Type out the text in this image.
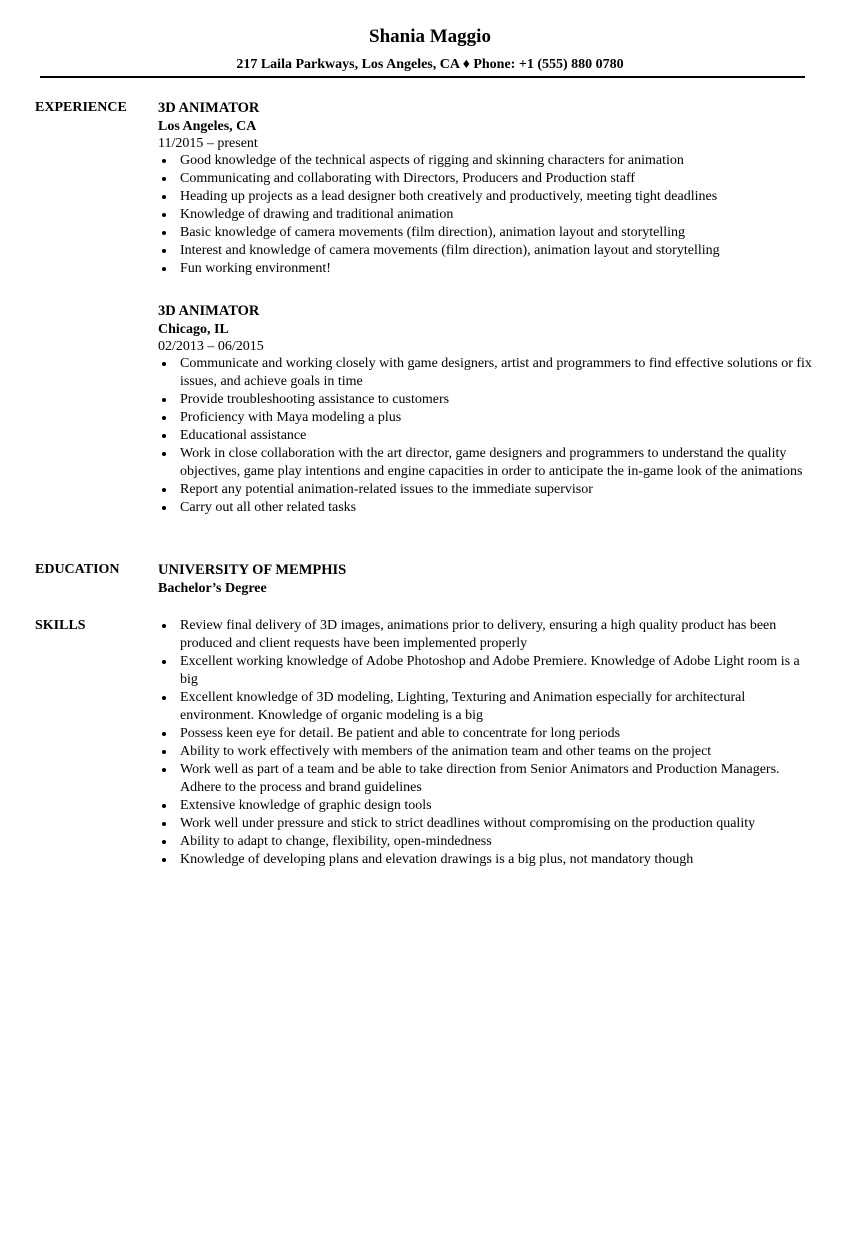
Shania Maggio
217 Laila Parkways, Los Angeles, CA ♦ Phone: +1 (555) 880 0780
EXPERIENCE 3D ANIMATOR
Los Angeles, CA
11/2015 – present
Good knowledge of the technical aspects of rigging and skinning characters for animation
Communicating and collaborating with Directors, Producers and Production staff
Heading up projects as a lead designer both creatively and productively, meeting tight deadlines
Knowledge of drawing and traditional animation
Basic knowledge of camera movements (film direction), animation layout and storytelling
Interest and knowledge of camera movements (film direction), animation layout and storytelling
Fun working environment!
3D ANIMATOR
Chicago, IL
02/2013 – 06/2015
Communicate and working closely with game designers, artist and programmers to find effective solutions or fix issues, and achieve goals in time
Provide troubleshooting assistance to customers
Proficiency with Maya modeling a plus
Educational assistance
Work in close collaboration with the art director, game designers and programmers to understand the quality objectives, game play intentions and engine capacities in order to anticipate the in-game look of the animations
Report any potential animation-related issues to the immediate supervisor
Carry out all other related tasks
EDUCATION	UNIVERSITY OF MEMPHIS
Bachelor’s Degree
SKILLS	Review final delivery of 3D images, animations prior to delivery, ensuring a high quality product has been produced and client requests have been implemented properly
Excellent working knowledge of Adobe Photoshop and Adobe Premiere. Knowledge of Adobe Light room is a big
Excellent knowledge of 3D modeling, Lighting, Texturing and Animation especially for architectural environment. Knowledge of organic modeling is a big
Possess keen eye for detail. Be patient and able to concentrate for long periods
Ability to work effectively with members of the animation team and other teams on the project
Work well as part of a team and be able to take direction from Senior Animators and Production Managers. Adhere to the process and brand guidelines
Extensive knowledge of graphic design tools
Work well under pressure and stick to strict deadlines without compromising on the production quality
Ability to adapt to change, flexibility, open-mindedness
Knowledge of developing plans and elevation drawings is a big plus, not mandatory though
